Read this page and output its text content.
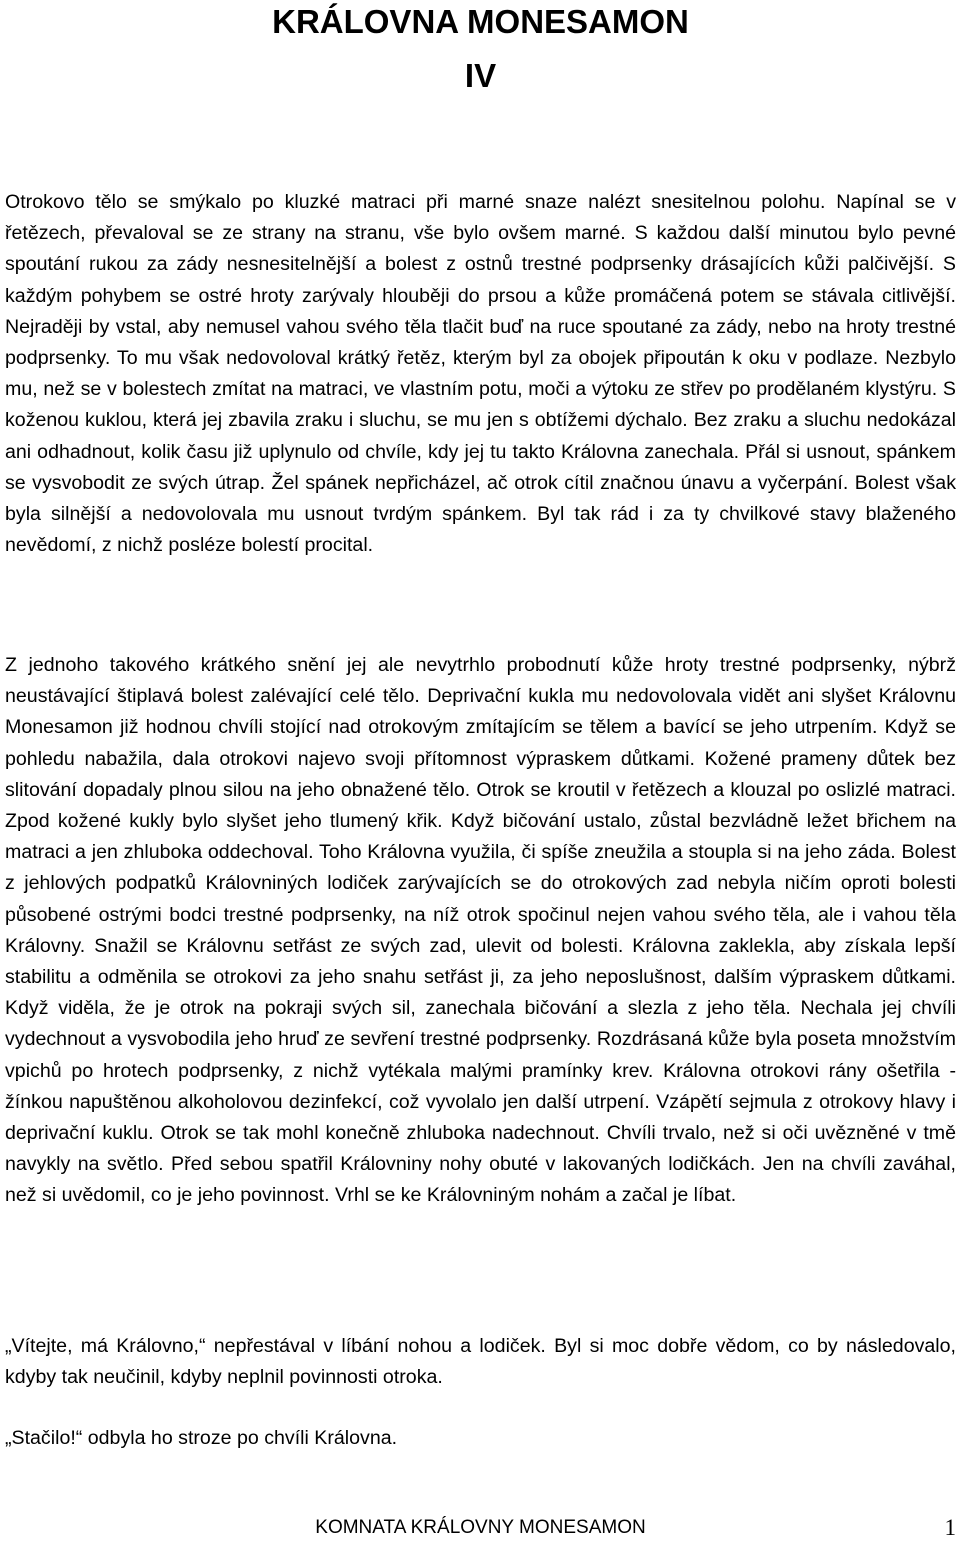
KRÁLOVNA MONESAMON
IV

Otrokovo tělo se smýkalo po kluzké matraci při marné snaze nalézt snesitelnou polohu. Napínal se v řetězech, převaloval se ze strany na stranu, vše bylo ovšem marné. S každou další minutou bylo pevné spoutání rukou za zády nesnesitelnější a bolest z ostnů trestné podprsenky drásajících kůži palčivější. S každým pohybem se ostré hroty zarývaly hlouběji do prsou a kůže promáčená potem se stávala citlivější. Nejraději by vstal, aby nemusel vahou svého těla tlačit buď na ruce spoutané za zády, nebo na hroty trestné podprsenky. To mu však nedovoloval krátký řetěz, kterým byl za obojek připoután k oku v podlaze. Nezbylo mu, než se v bolestech zmítat na matraci, ve vlastním potu, moči a výtoku ze střev po prodělaném klystýru. S koženou kuklou, která jej zbavila zraku i sluchu, se mu jen s obtížemi dýchalo. Bez zraku a sluchu nedokázal ani odhadnout, kolik času již uplynulo od chvíle, kdy jej tu takto Královna zanechala. Přál si usnout, spánkem se vysvobodit ze svých útrap. Žel spánek nepřicházel, ač otrok cítil značnou únavu a vyčerpání. Bolest však byla silnější a nedovolovala mu usnout tvrdým spánkem. Byl tak rád i za ty chvilkové stavy blaženého nevědomí, z nichž posléze bolestí procital.

Z jednoho takového krátkého snění jej ale nevytrhlo probodnutí kůže hroty trestné podprsenky, nýbrž neustávající štiplavá bolest zalévající celé tělo. Deprivační kukla mu nedovolovala vidět ani slyšet Královnu Monesamon již hodnou chvíli stojící nad otrokovým zmítajícím se tělem a bavící se jeho utrpením. Když se pohledu nabažila, dala otrokovi najevo svoji přítomnost výpraskem důtkami. Kožené prameny důtek bez slitování dopadaly plnou silou na jeho obnažené tělo. Otrok se kroutil v řetězech a klouzal po oslizlé matraci. Zpod kožené kukly bylo slyšet jeho tlumený křik. Když bičování ustalo, zůstal bezvládně ležet břichem na matraci a jen zhluboka oddechoval. Toho Královna využila, či spíše zneužila a stoupla si na jeho záda. Bolest z jehlových podpatků Královniných lodiček zarývajících se do otrokových zad nebyla ničím oproti bolesti působené ostrými bodci trestné podprsenky, na níž otrok spočinul nejen vahou svého těla, ale i vahou těla Královny. Snažil se Královnu setřást ze svých zad, ulevit od bolesti. Královna zaklekla, aby získala lepší stabilitu a odměnila se otrokovi za jeho snahu setřást ji, za jeho neposlušnost, dalším výpraskem důtkami. Když viděla, že je otrok na pokraji svých sil, zanechala bičování a slezla z jeho těla. Nechala jej chvíli vydechnout a vysvobodila jeho hruď ze sevření trestné podprsenky. Rozdrásaná kůže byla poseta množstvím vpichů po hrotech podprsenky, z nichž vytékala malými pramínky krev. Královna otrokovi rány ošetřila - žínkou napuštěnou alkoholovou dezinfekcí, což vyvolalo jen další utrpení. Vzápětí sejmula z otrokovy hlavy i deprivační kuklu. Otrok se tak mohl konečně zhluboka nadechnout. Chvíli trvalo, než si oči uvězněné v tmě navykly na světlo. Před sebou spatřil Královniny nohy obuté v lakovaných lodičkách. Jen na chvíli zaváhal, než si uvědomil, co je jeho povinnost. Vrhl se ke Královniným nohám a začal je líbat.

„Vítejte, má Královno,“ nepřestával v líbání nohou a lodiček. Byl si moc dobře vědom, co by následovalo, kdyby tak neučinil, kdyby neplnil povinnosti otroka.

„Stačilo!“ odbyla ho stroze po chvíli Královna.

KOMNATA KRÁLOVNY MONESAMON	1
